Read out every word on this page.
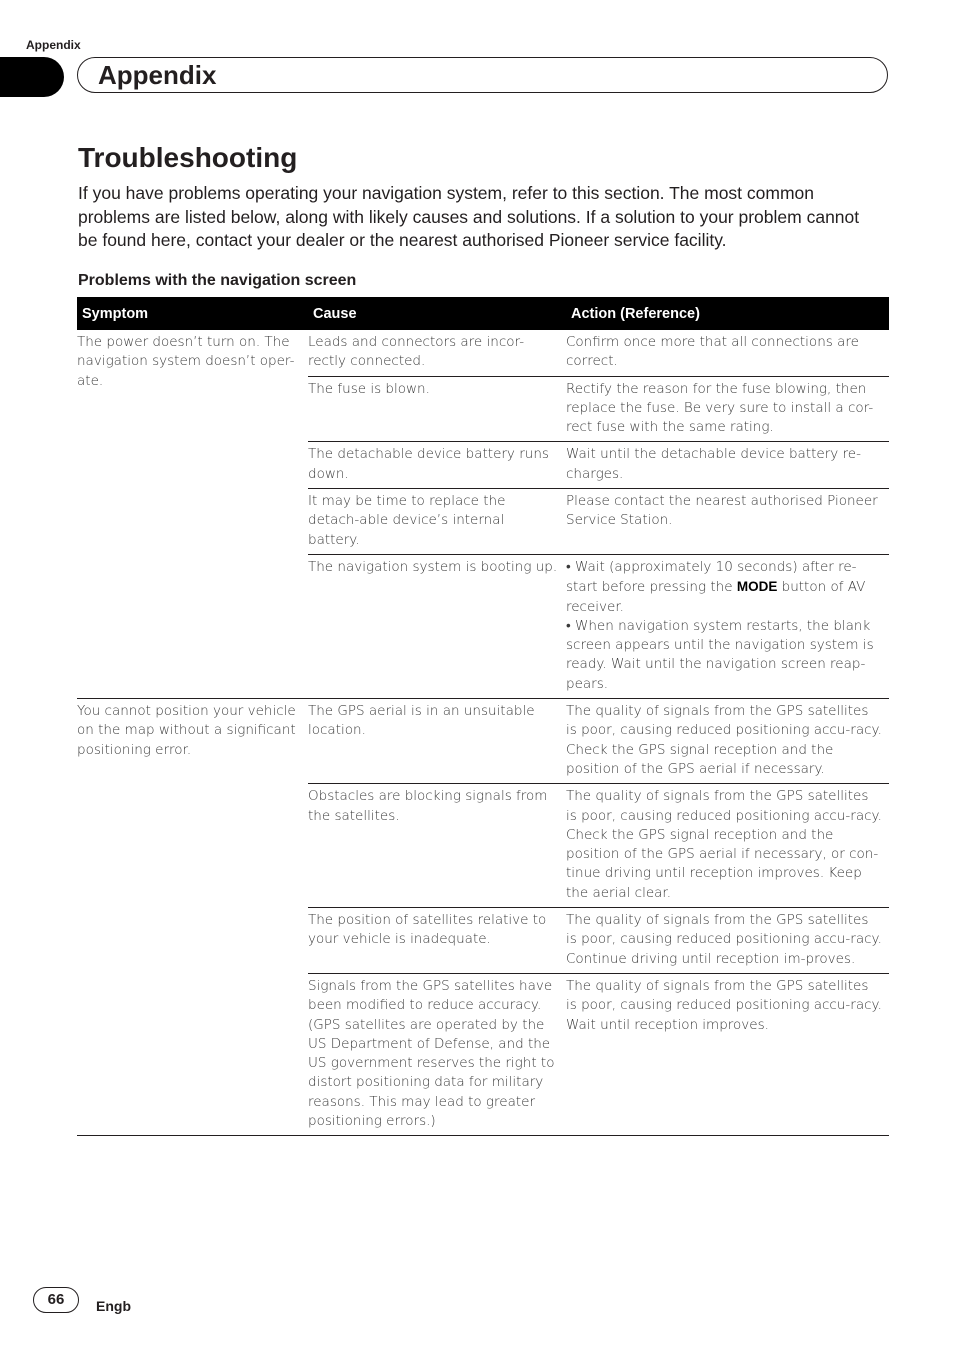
Appendix
Appendix
Troubleshooting

If you have problems operating your navigation system, refer to this section. The most common problems are listed below, along with likely causes and solutions. If a solution to your problem cannot be found here, contact your dealer or the nearest authorised Pioneer service facility.

Problems with the navigation screen
Symptom	Cause	Action (Reference)
The power doesn’t turn on. The navigation system doesn’t oper-ate.	Leads and connectors are incor-rectly connected.	Confirm once more that all connections are correct.
	The fuse is blown.	Rectify the reason for the fuse blowing, then replace the fuse. Be very sure to install a cor-rect fuse with the same rating.
	The detachable device battery runs down.	Wait until the detachable device battery re-charges.
	It may be time to replace the detach-able device’s internal battery.	Please contact the nearest authorised Pioneer Service Station.
	The navigation system is booting up.	• Wait (approximately 10 seconds) after re-start before pressing the MODE button of AV receiver.
• When navigation system restarts, the blank screen appears until the navigation system is ready. Wait until the navigation screen reap-pears.
You cannot position your vehicle on the map without a significant positioning error.	The GPS aerial is in an unsuitable location.	The quality of signals from the GPS satellites is poor, causing reduced positioning accu-racy. Check the GPS signal reception and the position of the GPS aerial if necessary.
	Obstacles are blocking signals from the satellites.	The quality of signals from the GPS satellites is poor, causing reduced positioning accu-racy. Check the GPS signal reception and the position of the GPS aerial if necessary, or con-tinue driving until reception improves. Keep the aerial clear.
	The position of satellites relative to your vehicle is inadequate.	The quality of signals from the GPS satellites is poor, causing reduced positioning accu-racy. Continue driving until reception im-proves.
	Signals from the GPS satellites have been modified to reduce accuracy. (GPS satellites are operated by the US Department of Defense, and the US government reserves the right to distort positioning data for military reasons. This may lead to greater positioning errors.)	The quality of signals from the GPS satellites is poor, causing reduced positioning accu-racy. Wait until reception improves.
66	Engb
